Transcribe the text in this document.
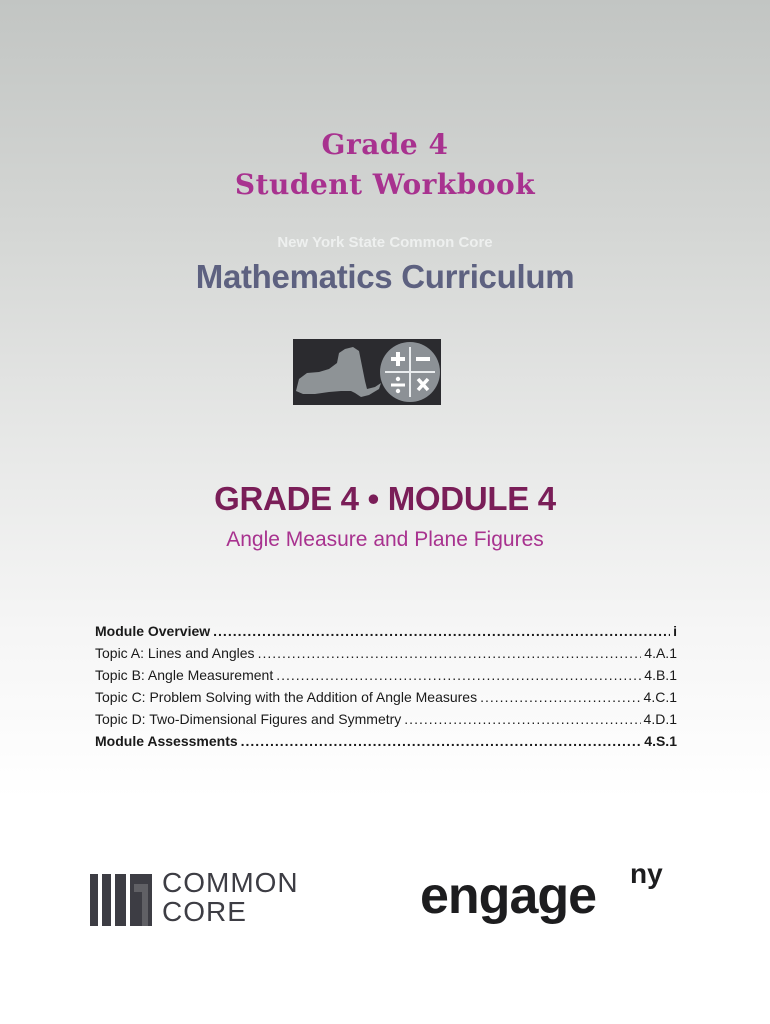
Grade 4
Student Workbook
New York State Common Core
Mathematics Curriculum
GRADE 4 • MODULE 4
Angle Measure and Plane Figures
Module Overview .....	i
Topic A: Lines and Angles .....	4.A.1
Topic B: Angle Measurement .....	4.B.1
Topic C: Problem Solving with the Addition of Angle Measures .....	4.C.1
Topic D: Two-Dimensional Figures and Symmetry .....	4.D.1
Module Assessments .....	4.S.1
COMMON
CORE	engage ny
